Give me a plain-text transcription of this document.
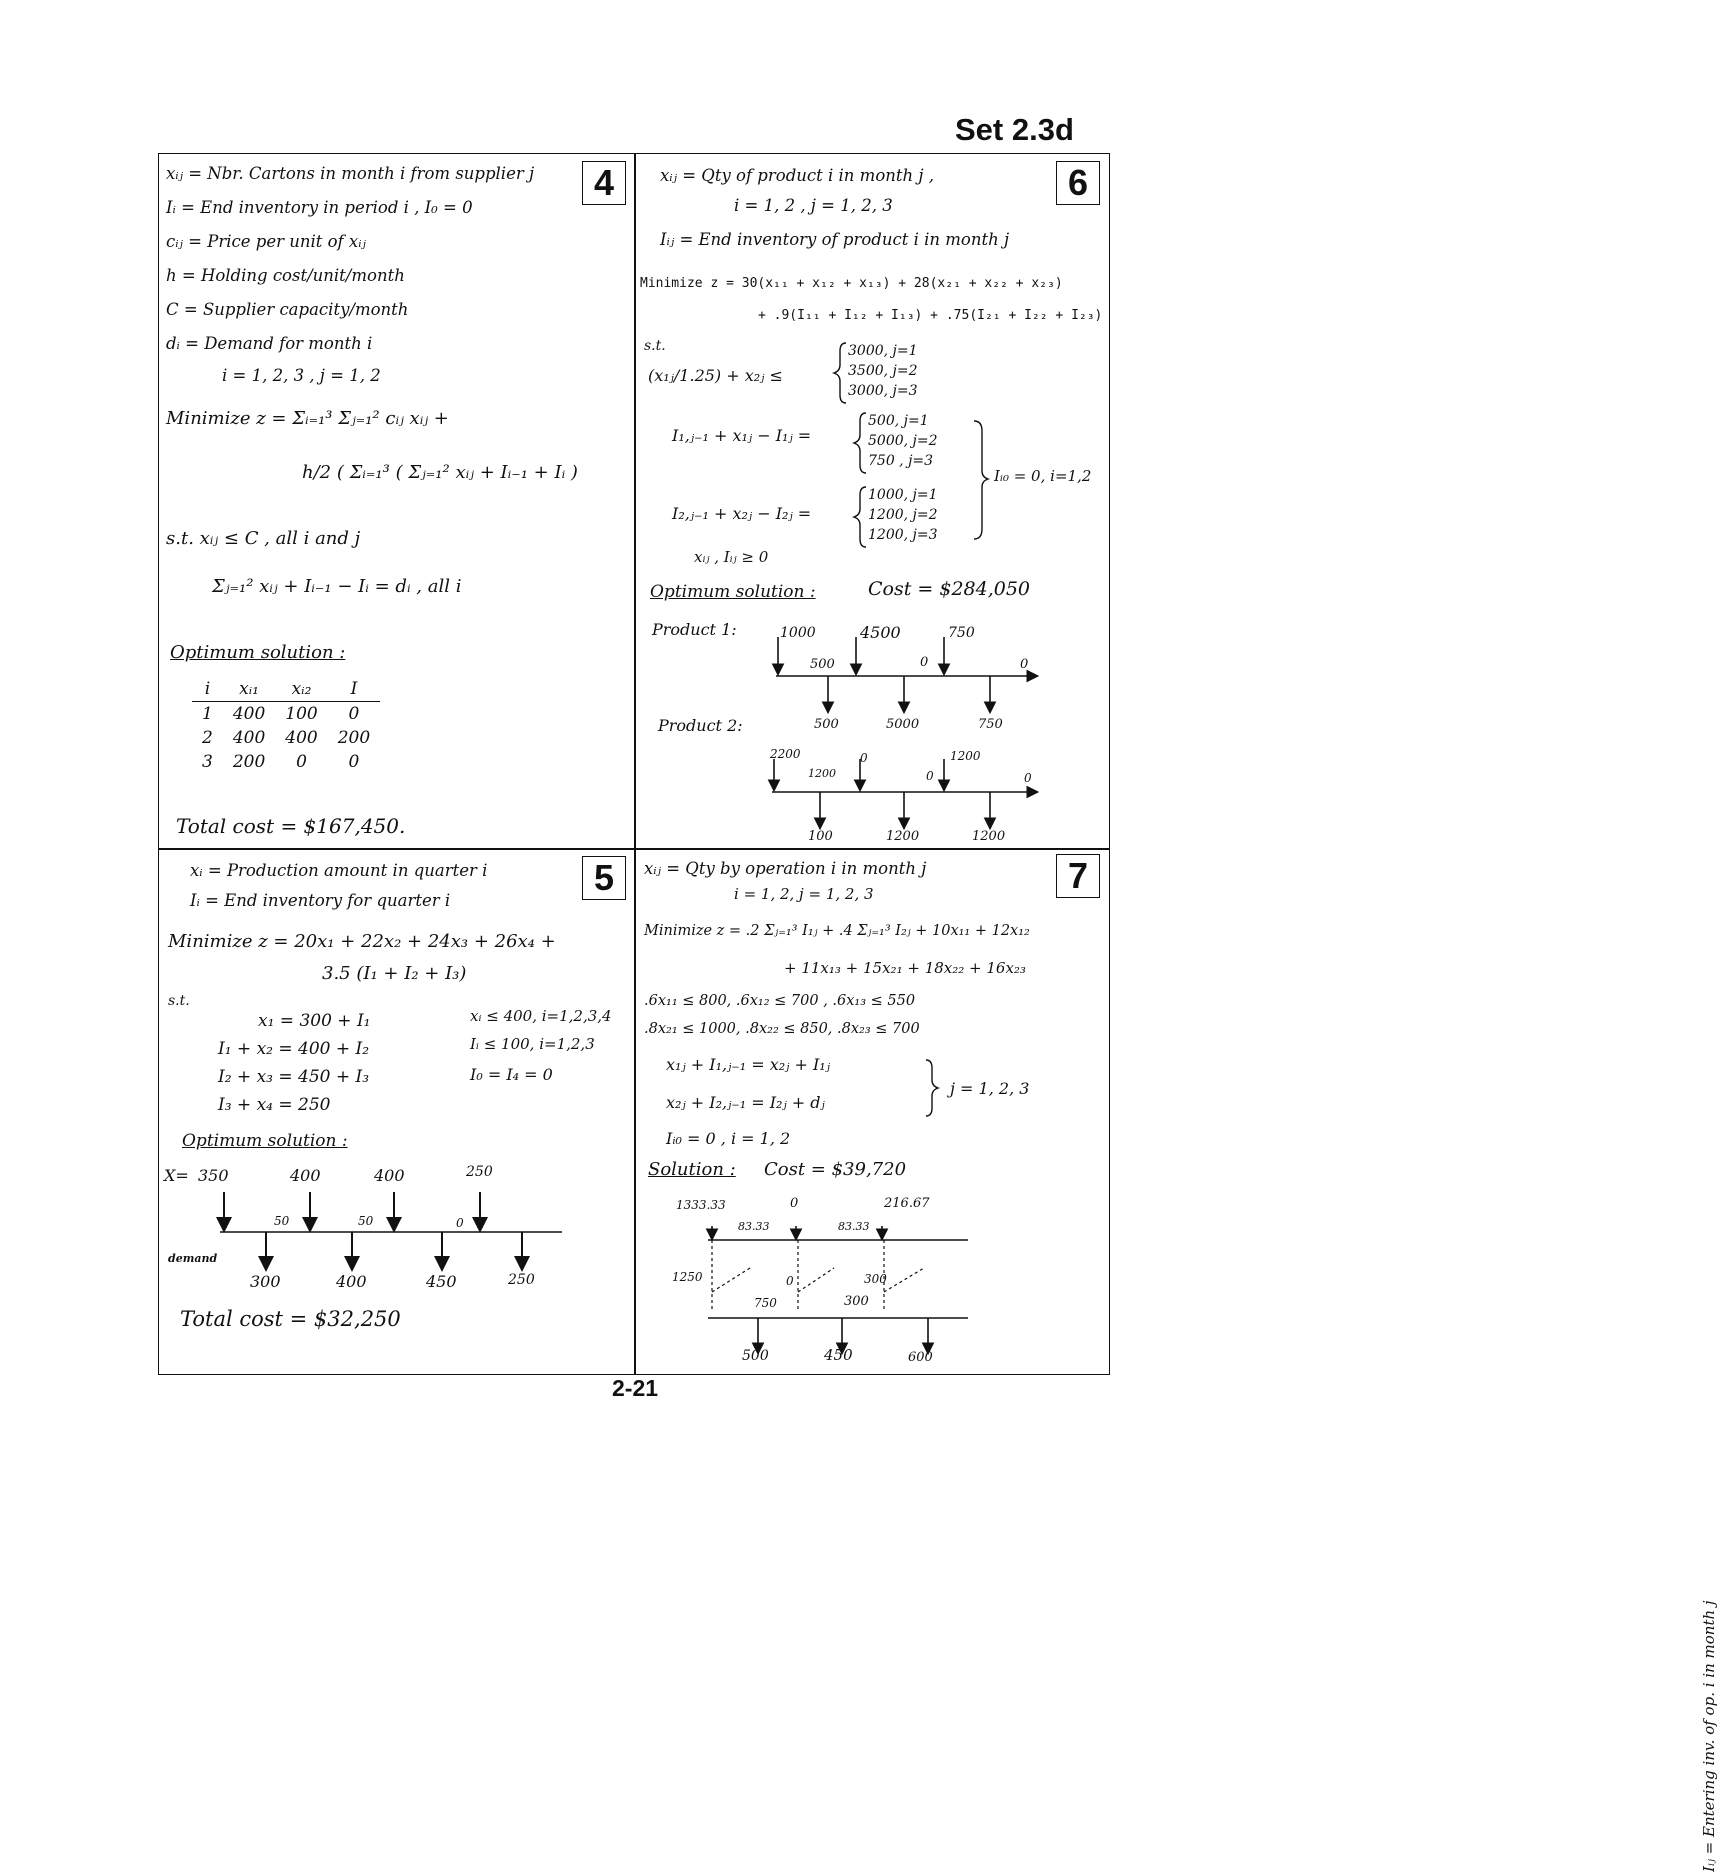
Set 2.3d
4
xᵢⱼ = Nbr. Cartons in month i from supplier j
Iᵢ = End inventory in period i , I₀ = 0
cᵢⱼ = Price per unit of xᵢⱼ
h = Holding cost/unit/month
C = Supplier capacity/month
dᵢ = Demand for month i
i = 1, 2, 3 , j = 1, 2
Minimize z = Σᵢ₌₁³ Σⱼ₌₁² cᵢⱼ xᵢⱼ +
h/2 ( Σᵢ₌₁³ ( Σⱼ₌₁² xᵢⱼ + Iᵢ₋₁ + Iᵢ )
s.t. xᵢⱼ ≤ C , all i and j
Σⱼ₌₁² xᵢⱼ + Iᵢ₋₁ − Iᵢ = dᵢ , all i
Optimum solution :
i	xᵢ₁	xᵢ₂	I
1	400	100	0
2	400	400	200
3	200	0	0
Total cost = $167,450.
6
xᵢⱼ = Qty of product i in month j ,
i = 1, 2 , j = 1, 2, 3
Iᵢⱼ = End inventory of product i in month j
Minimize z = 30(x₁₁ + x₁₂ + x₁₃) + 28(x₂₁ + x₂₂ + x₂₃)
+ .9(I₁₁ + I₁₂ + I₁₃) + .75(I₂₁ + I₂₂ + I₂₃)
s.t.
(x₁ⱼ/1.25) + x₂ⱼ ≤
3000, j=1
3500, j=2
3000, j=3
I₁,ⱼ₋₁ + x₁ⱼ − I₁ⱼ =
500, j=1
5000, j=2
750 , j=3
Iᵢ₀ = 0, i=1,2
I₂,ⱼ₋₁ + x₂ⱼ − I₂ⱼ =
1000, j=1
1200, j=2
1200, j=3
xᵢⱼ , Iᵢⱼ ≥ 0
Optimum solution :	Cost = $284,050
Product 1:
Product 2:
1000	4500	750
500	0	0
500	5000	750
2200	0	1200
1200	0	0
100	1200	1200
5
xᵢ = Production amount in quarter i
Iᵢ = End inventory for quarter i
Minimize z = 20x₁ + 22x₂ + 24x₃ + 26x₄ +
3.5 (I₁ + I₂ + I₃)
s.t.
x₁ = 300 + I₁
I₁ + x₂ = 400 + I₂
I₂ + x₃ = 450 + I₃
I₃ + x₄ = 250
xᵢ ≤ 400, i=1,2,3,4
Iᵢ ≤ 100, i=1,2,3
I₀ = I₄ = 0
Optimum solution :
X= 350	400	400	250
50	50	0
demand
300	400	450	250
Total cost = $32,250
7
xᵢⱼ = Qty by operation i in month j
i = 1, 2, j = 1, 2, 3
Minimize z = .2 Σⱼ₌₁³ I₁ⱼ + .4 Σⱼ₌₁³ I₂ⱼ + 10x₁₁ + 12x₁₂
+ 11x₁₃ + 15x₂₁ + 18x₂₂ + 16x₂₃
.6x₁₁ ≤ 800, .6x₁₂ ≤ 700 , .6x₁₃ ≤ 550
.8x₂₁ ≤ 1000, .8x₂₂ ≤ 850, .8x₂₃ ≤ 700
x₁ⱼ + I₁,ⱼ₋₁ = x₂ⱼ + I₁ⱼ
x₂ⱼ + I₂,ⱼ₋₁ = I₂ⱼ + dⱼ
j = 1, 2, 3
Iᵢ₀ = 0 , i = 1, 2
Solution : Cost = $39,720
1333.33	0	216.67
83.33	83.33
1250	0	300
750	300
500	450	600
Iᵢⱼ = Entering inv. of op. i in month j
2-21
